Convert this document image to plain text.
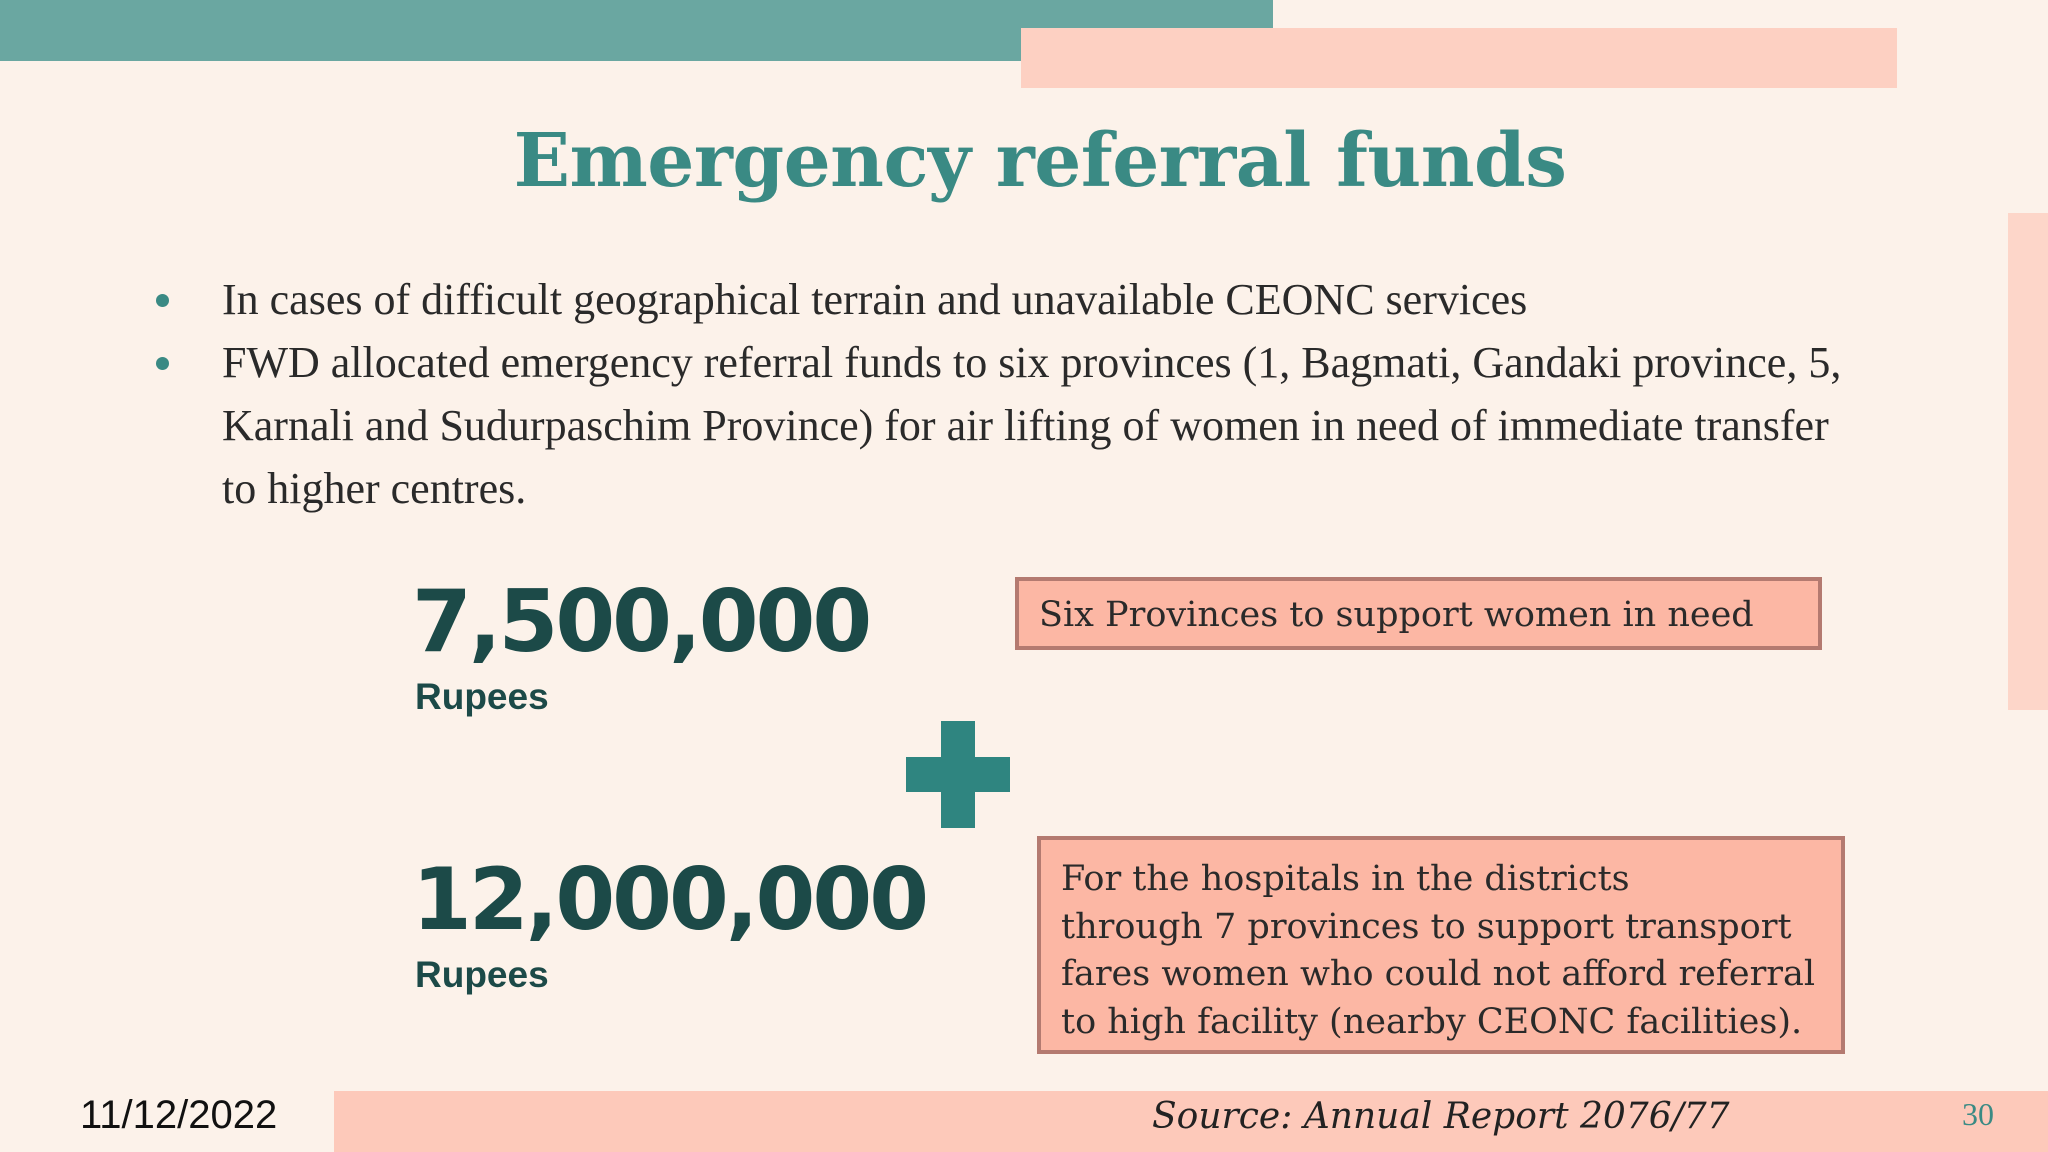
Emergency referral funds
In cases of difficult geographical terrain and unavailable CEONC services
FWD allocated emergency referral funds to six provinces (1, Bagmati, Gandaki province, 5, Karnali and Sudurpaschim Province) for air lifting of women in need of immediate transfer to higher centres.
7,500,000
Rupees
12,000,000
Rupees
Six Provinces to support women in need
For the hospitals in the districts
through 7 provinces to support transport
fares women who could not afford referral
to high facility (nearby CEONC facilities).
11/12/2022	Source: Annual Report 2076/77	30
